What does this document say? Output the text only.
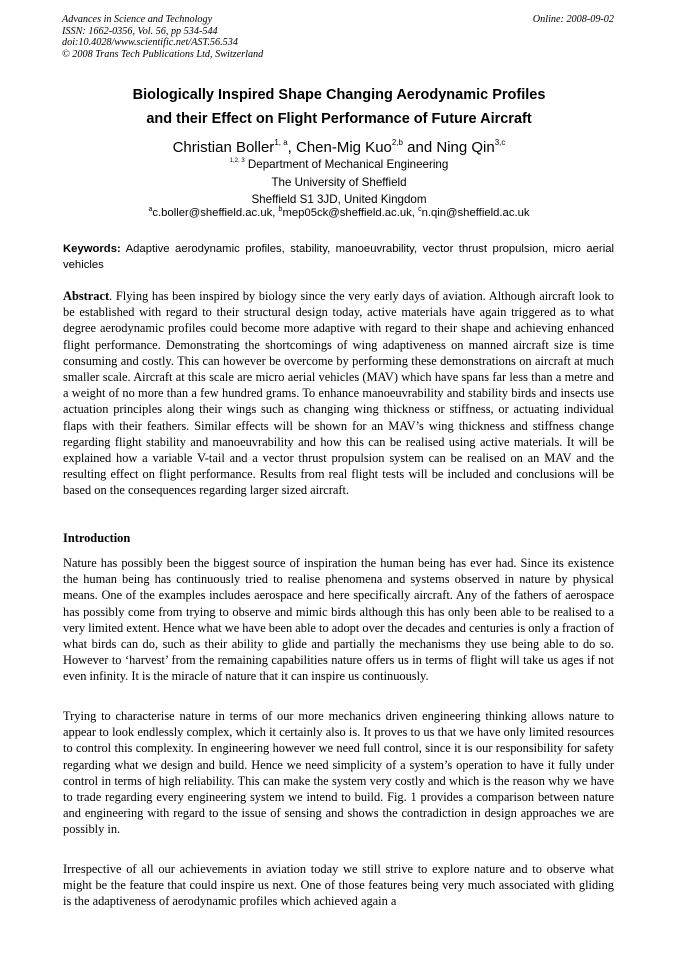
Advances in Science and Technology
ISSN: 1662-0356, Vol. 56, pp 534-544
doi:10.4028/www.scientific.net/AST.56.534
© 2008 Trans Tech Publications Ltd, Switzerland
Online: 2008-09-02
Biologically Inspired Shape Changing Aerodynamic Profiles
and their Effect on Flight Performance of Future Aircraft
Christian Boller$^{1, a}$, Chen-Mig Kuo$^{2,b}$ and Ning Qin$^{3,c}$
$^{1,2, 3}$ Department of Mechanical Engineering
The University of Sheffield
Sheffield S1 3JD, United Kingdom
$^a$c.boller@sheffield.ac.uk, $^b$mep05ck@sheffield.ac.uk, $^c$n.qin@sheffield.ac.uk
Keywords: Adaptive aerodynamic profiles, stability, manoeuvrability, vector thrust propulsion, micro aerial vehicles
Abstract. Flying has been inspired by biology since the very early days of aviation. Although aircraft look to be established with regard to their structural design today, active materials have again triggered as to what degree aerodynamic profiles could become more adaptive with regard to their shape and achieving enhanced flight performance. Demonstrating the shortcomings of wing adaptiveness on manned aircraft size is time consuming and costly. This can however be overcome by performing these demonstrations on aircraft at much smaller scale. Aircraft at this scale are micro aerial vehicles (MAV) which have spans far less than a metre and a weight of no more than a few hundred grams. To enhance manoeuvrability and stability birds and insects use actuation principles along their wings such as changing wing thickness or stiffness, or actuating individual flaps with their feathers. Similar effects will be shown for an MAV’s wing thickness and stiffness change regarding flight stability and manoeuvrability and how this can be realised using active materials. It will be explained how a variable V-tail and a vector thrust propulsion system can be realised on an MAV and the resulting effect on flight performance. Results from real flight tests will be included and conclusions will be based on the consequences regarding larger sized aircraft.
Introduction
Nature has possibly been the biggest source of inspiration the human being has ever had. Since its existence the human being has continuously tried to realise phenomena and systems observed in nature by physical means. One of the examples includes aerospace and here specifically aircraft. Any of the fathers of aerospace has possibly come from trying to observe and mimic birds although this has only been able to be realised to a very limited extent. Hence what we have been able to adopt over the decades and centuries is only a fraction of what birds can do, such as their ability to glide and partially the mechanisms they use being able to do so. However to ‘harvest’ from the remaining capabilities nature offers us in terms of flight will take us ages if not even infinity. It is the miracle of nature that it can inspire us continuously.
Trying to characterise nature in terms of our more mechanics driven engineering thinking allows nature to appear to look endlessly complex, which it certainly also is. It proves to us that we have only limited resources to control this complexity. In engineering however we need full control, since it is our responsibility for safety regarding what we design and build. Hence we need simplicity of a system’s operation to have it fully under control in terms of high reliability. This can make the system very costly and which is the reason why we have to trade regarding every engineering system we intend to build. Fig. 1 provides a comparison between nature and engineering with regard to the issue of sensing and shows the contradiction in design approaches we are possibly in.
Irrespective of all our achievements in aviation today we still strive to explore nature and to observe what might be the feature that could inspire us next. One of those features being very much associated with gliding is the adaptiveness of aerodynamic profiles which achieved again a
